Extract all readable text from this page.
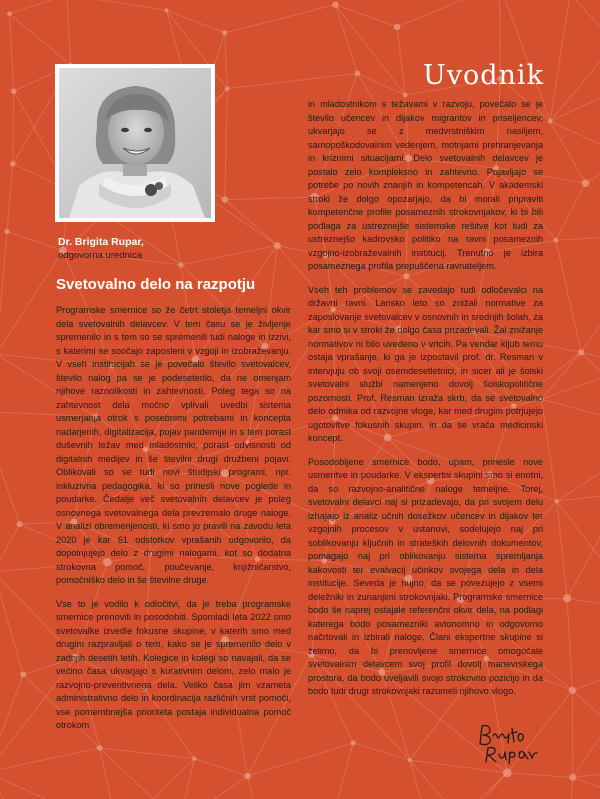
Uvodnik
Dr. Brigita Rupar,
odgovorna urednica
Svetovalno delo na razpotju

Programske smernice so že četrt stoletja temeljni okvir dela svetovalnih delavcev. V tem času se je življenje spremenilo in s tem so se spremenili tudi naloge in izzivi, s katerimi se soočajo zaposleni v vzgoji in izobraževanju. V vseh institucijah se je povečalo število svetovalcev, število nalog pa se je podeseterilo, da ne omenjam njihove raznolikosti in zahtevnosti. Poleg tega so na zahtevnost dela močno vplivali uvedbi sistema usmerjanja otrok s posebnimi potrebami in koncepta nadarjenih, digitalizacija, pojav pandemije in s tem porast duševnih težav med mladostniki, porast odvisnosti od digitalnih medijev in še številni drugi družbeni pojavi. Oblikovali so se tudi novi študijski programi, npr. inkluzivna pedagogika, ki so prinesli nove poglede in poudarke. Čedalje več svetovalnih delavcev je poleg osnovnega svetovalnega dela prevzemalo druge naloge. V analizi obremenjenosti, ki smo jo pravili na zavodu leta 2020 je kar 61 odstotkov vprašanih odgovorilo, da dopolnjujejo delo z drugimi nalogami, kot so dodatna strokovna pomoč, poučevanje, knjižničarstvo, pomočniško delo in še številne druge.

Vse to je vodilo k odločitvi, da je treba programske smernice prenoviti in posodobiti. Spomladi leta 2022 smo svetovalke izvedle fokusne skupine, v katerih smo med drugim razpravljali o tem, kako se je spremenilo delo v zadnjih desetih letih. Kolegice in kolegi so navajali, da se večino časa ukvarjajo s kurativnim delom, zelo malo je razvojno-preventivnega dela. Veliko časa jim vzameta administrativno delo in koordinacija različnih vrst pomoči, vse pomembnejša prioriteta postaja individualna pomoč otrokom

in mladostnikom s težavami v razvoju, povečalo se je število učencev in dijakov migrantov in priseljencev, ukvarjajo se z medvrstniškim nasiljem, samopoškodovalnim vedenjem, motnjami prehranjevanja in kriznimi situacijami. Delo svetovalnih delavcev je postalo zelo kompleksno in zahtevno. Pojavljajo se potrebe po novih znanjih in kompetencah. V akademski stroki že dolgo opozarjajo, da bi morali pripraviti kompetenčne profile posameznih strokovnjakov, ki bi bili podlaga za ustreznejše sistemske rešitve kot tudi za ustreznejšo kadrovsko politiko na ravni posameznih vzgojno-izobraževalnih institucij. Trenutno je izbira posameznega profila prepuščena ravnateljem.

Vseh teh problemov se zavedajo tudi odločevalci na državni ravni. Lansko leto so znižali normative za zaposlovanje svetovalcev v osnovnih in srednjih šolah, za kar smo si v stroki že dolgo časa prizadevali. Žal znižanje normativov ni bilo uvedeno v vrtcih. Pa vendar kljub temu ostaja vprašanje, ki ga je izpostavil prof. dr. Resman v intervjuju ob svoji osemdesetletnici, in sicer ali je šolski svetovalni službi namenjeno dovolj šolskopolitične pozornosti. Prof. Resman izraža skrb, da se svetovalno delo odmika od razvojne vloge, kar med drugim potrjujejo ugotovitve fokusnih skupin, in da se vrača medicinski koncept.

Posodobljene smernice bodo, upam, prinesle nove usmeritve in poudarke. V ekspertni skupini smo si enotni, da so razvojno-analitične naloge temeljne. Torej, svetovalni delavci naj si prizadevajo, da pri svojem delu izhajajo iz analiz učnih dosežkov učencev in dijakov ter vzgojnih procesov v ustanovi, sodelujejo naj pri soblikovanju ključnih in strateških delovnih dokumentov, pomagajo naj pri oblikovanju sistema spremljanja kakovosti ter evalvacij učinkov svojega dela in dela institucije. Seveda je nujno, da se povezujejo z vsemi deležniki in zunanjimi strokovnjaki. Programske smernice bodo še naprej ostajale referenčni okvir dela, na podlagi katerega bodo posamezniki avtonomno in odgovorno načrtovali in izbirali naloge. Člani ekspertne skupine si želimo, da bi prenovljene smernice omogočale svetovalnim delavcem svoj profil dovolj manevrskega prostora, da bodo uveljavili svojo strokovno pozicijo in da bodo tudi drugi strokovnjaki razumeli njihovo vlogo.
